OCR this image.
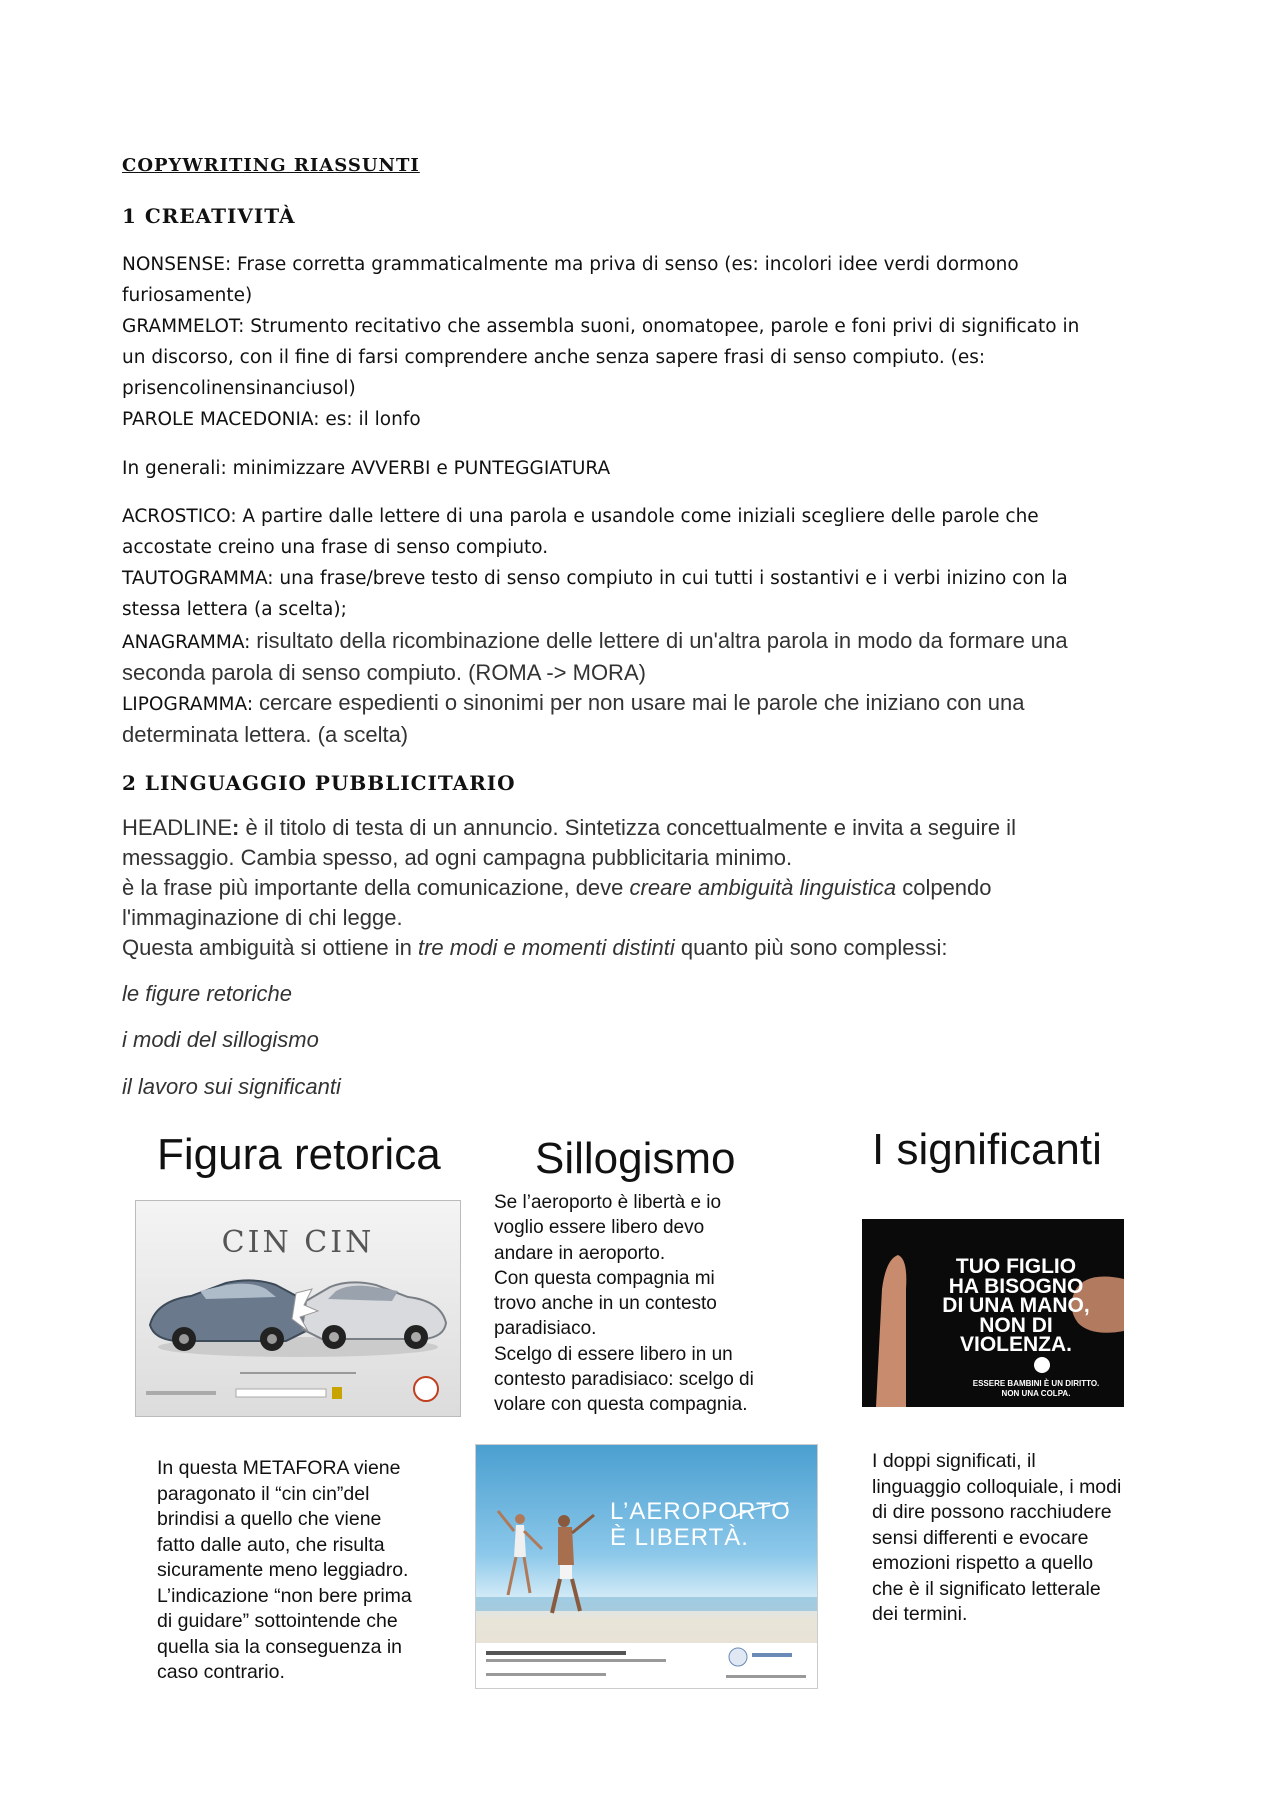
COPYWRITING RIASSUNTI
1 CREATIVITÀ
NONSENSE: Frase corretta grammaticalmente ma priva di senso (es: incolori idee verdi dormono
furiosamente)
GRAMMELOT: Strumento recitativo che assembla suoni, onomatopee, parole e foni privi di significato in
un discorso, con il fine di farsi comprendere anche senza sapere frasi di senso compiuto. (es:
prisencolinensinanciusol)
PAROLE MACEDONIA: es: il lonfo
In generali: minimizzare AVVERBI e PUNTEGGIATURA
ACROSTICO: A partire dalle lettere di una parola e usandole come iniziali scegliere delle parole che
accostate creino una frase di senso compiuto.
TAUTOGRAMMA: una frase/breve testo di senso compiuto in cui tutti i sostantivi e i verbi inizino con la
stessa lettera (a scelta);
ANAGRAMMA: risultato della ricombinazione delle lettere di un'altra parola in modo da formare una
seconda parola di senso compiuto. (ROMA -> MORA)
LIPOGRAMMA: cercare espedienti o sinonimi per non usare mai le parole che iniziano con una
determinata lettera. (a scelta)
2 LINGUAGGIO PUBBLICITARIO
HEADLINE: è il titolo di testa di un annuncio. Sintetizza concettualmente e invita a seguire il
messaggio. Cambia spesso, ad ogni campagna pubblicitaria minimo.
è la frase più importante della comunicazione, deve creare ambiguità linguistica colpendo
l'immaginazione di chi legge.
Questa ambiguità si ottiene in tre modi e momenti distinti quanto più sono complessi:
le figure retoriche
i modi del sillogismo
il lavoro sui significanti
Figura retorica Sillogismo	I significanti
CIN CIN
Se l’aeroporto è libertà e io
voglio essere libero devo
andare in aeroporto.
Con questa compagnia mi
trovo anche in un contesto
paradisiaco.
Scelgo di essere libero in un
contesto paradisiaco: scelgo di
volare con questa compagnia.
TUO FIGLIO
HA BISOGNO
DI UNA MANO,
NON DI
VIOLENZA.
ESSERE BAMBINI È UN DIRITTO.
NON UNA COLPA.
In questa METAFORA viene
paragonato il “cin cin”del
brindisi a quello che viene
fatto dalle auto, che risulta
sicuramente meno leggiadro.
L’indicazione “non bere prima
di guidare” sottointende che
quella sia la conseguenza in
caso contrario.
L’AEROPORTO
È LIBERTÀ.
I doppi significati, il
linguaggio colloquiale, i modi
di dire possono racchiudere
sensi differenti e evocare
emozioni rispetto a quello
che è il significato letterale
dei termini.
